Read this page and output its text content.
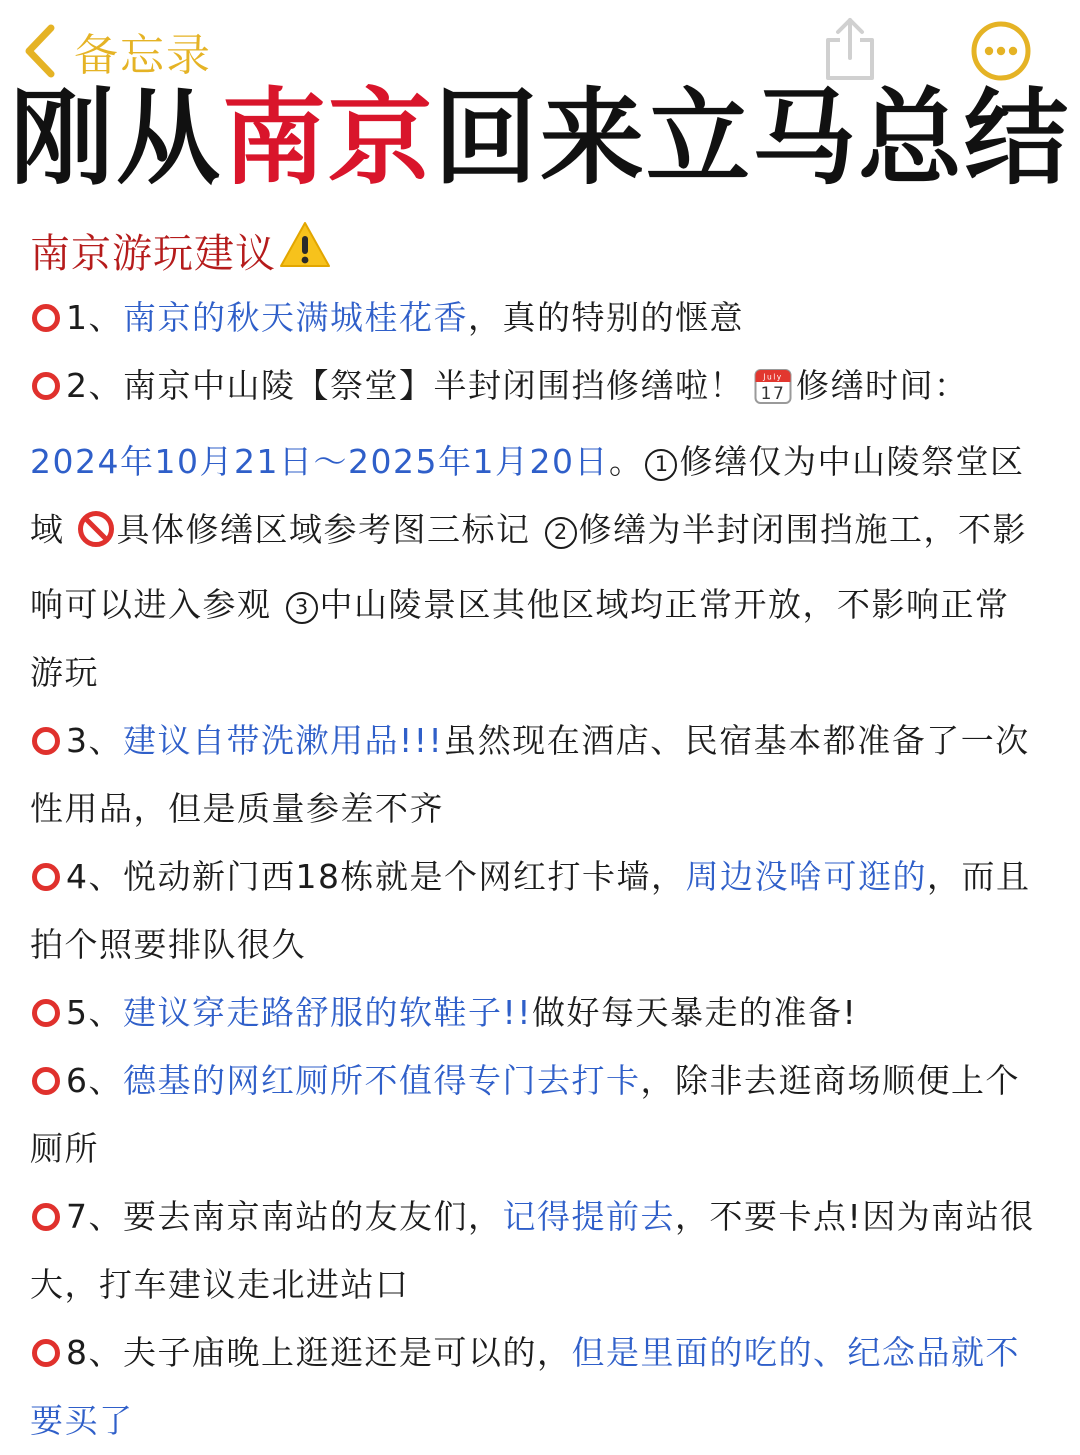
备忘录
刚从南京回来立马总结
南京游玩建议

1、南京的秋天满城桂花香，真的特别的惬意

2、南京中山陵【祭堂】半封闭围挡修缮啦！	July
17 修缮时间：2024年10月21日～2025年1月20日。 1 修缮仅为中山陵祭堂区域 具体修缮区域参考图三标记 2 修缮为半封闭围挡施工，不影响可以进入参观 3 中山陵景区其他区域均正常开放，不影响正常游玩

3、建议自带洗漱用品!!!虽然现在酒店、民宿基本都准备了一次性用品，但是质量参差不齐

4、悦动新门西18栋就是个网红打卡墙，周边没啥可逛的，而且拍个照要排队很久

5、建议穿走路舒服的软鞋子!!做好每天暴走的准备!

6、德基的网红厕所不值得专门去打卡，除非去逛商场顺便上个厕所

7、要去南京南站的友友们，记得提前去，不要卡点!因为南站很大，打车建议走北进站口

8、夫子庙晚上逛逛还是可以的，但是里面的吃的、纪念品就不要买了
